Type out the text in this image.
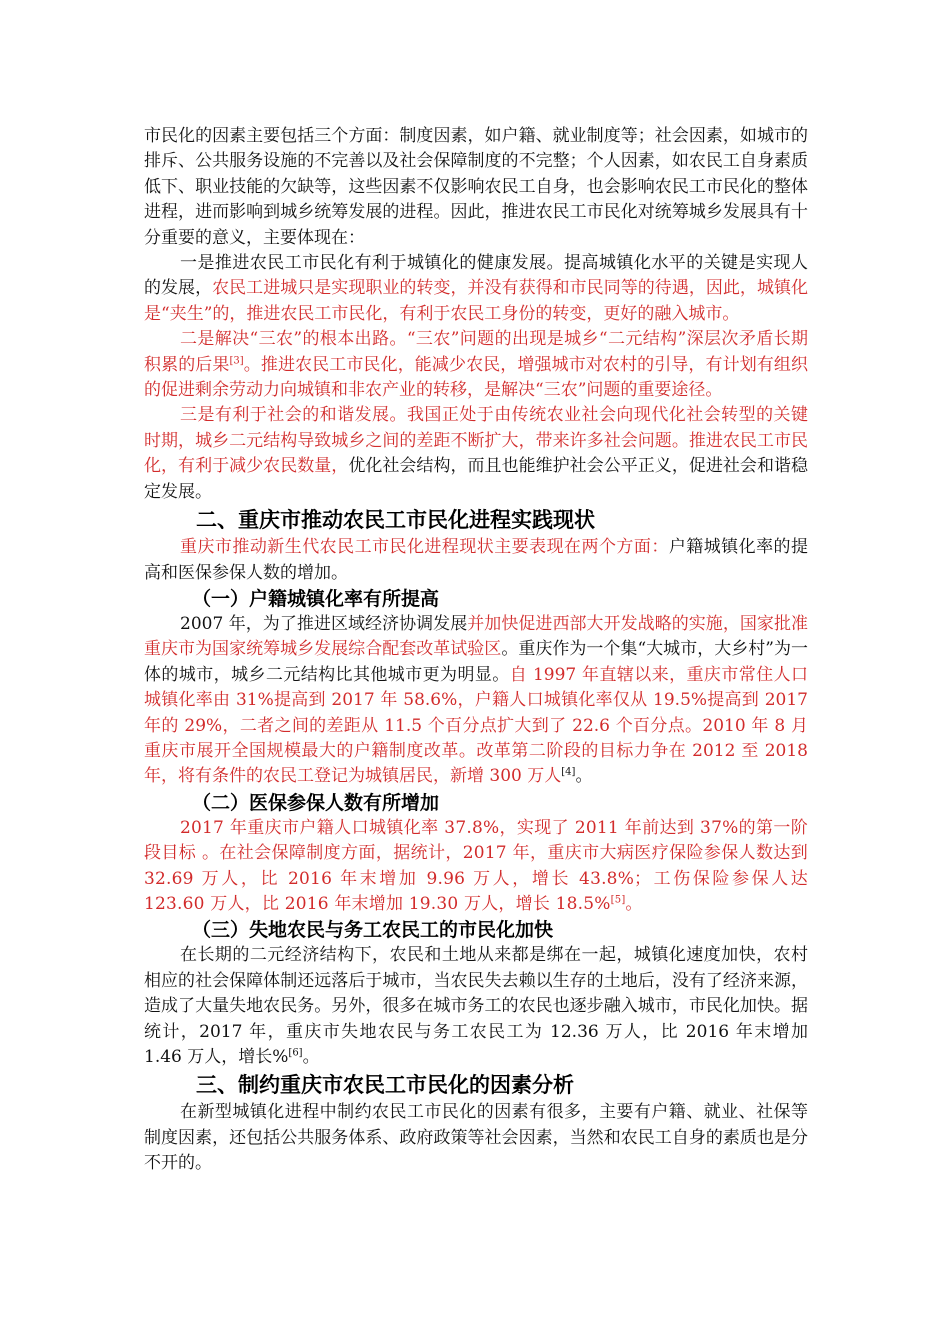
市民化的因素主要包括三个方面：制度因素，如户籍、就业制度等；社会因素，如城市的排斥、公共服务设施的不完善以及社会保障制度的不完整；个人因素，如农民工自身素质低下、职业技能的欠缺等，这些因素不仅影响农民工自身，也会影响农民工市民化的整体进程，进而影响到城乡统筹发展的进程。因此，推进农民工市民化对统筹城乡发展具有十分重要的意义，主要体现在：

一是推进农民工市民化有利于城镇化的健康发展。提高城镇化水平的关键是实现人的发展，农民工进城只是实现职业的转变，并没有获得和市民同等的待遇，因此，城镇化是“夹生”的，推进农民工市民化，有利于农民工身份的转变，更好的融入城市。

二是解决“三农”的根本出路。“三农”问题的出现是城乡“二元结构”深层次矛盾长期积累的后果[3]。推进农民工市民化，能减少农民，增强城市对农村的引导，有计划有组织的促进剩余劳动力向城镇和非农产业的转移，是解决“三农”问题的重要途径。

三是有利于社会的和谐发展。我国正处于由传统农业社会向现代化社会转型的关键时期，城乡二元结构导致城乡之间的差距不断扩大，带来许多社会问题。推进农民工市民化，有利于减少农民数量，优化社会结构，而且也能维护社会公平正义，促进社会和谐稳定发展。

二、重庆市推动农民工市民化进程实践现状

重庆市推动新生代农民工市民化进程现状主要表现在两个方面：户籍城镇化率的提高和医保参保人数的增加。

（一）户籍城镇化率有所提高

2007 年，为了推进区域经济协调发展并加快促进西部大开发战略的实施，国家批准重庆市为国家统筹城乡发展综合配套改革试验区。重庆作为一个集“大城市，大乡村”为一体的城市，城乡二元结构比其他城市更为明显。自 1997 年直辖以来，重庆市常住人口城镇化率由 31%提高到 2017 年 58.6%，户籍人口城镇化率仅从 19.5%提高到 2017 年的 29%，二者之间的差距从 11.5 个百分点扩大到了 22.6 个百分点。2010 年 8 月重庆市展开全国规模最大的户籍制度改革。改革第二阶段的目标力争在 2012 至 2018 年，将有条件的农民工登记为城镇居民，新增 300 万人[4]。

（二）医保参保人数有所增加

2017 年重庆市户籍人口城镇化率 37.8%，实现了 2011 年前达到 37%的第一阶段目标 。在社会保障制度方面，据统计，2017 年，重庆市大病医疗保险参保人数达到 32.69 万人，比 2016 年末增加 9.96 万人，增长 43.8%；工伤保险参保人达 123.60 万人，比 2016 年末增加 19.30 万人，增长 18.5%[5]。

（三）失地农民与务工农民工的市民化加快

在长期的二元经济结构下，农民和土地从来都是绑在一起，城镇化速度加快，农村相应的社会保障体制还远落后于城市，当农民失去赖以生存的土地后，没有了经济来源，造成了大量失地农民务。另外，很多在城市务工的农民也逐步融入城市，市民化加快。据统计，2017 年，重庆市失地农民与务工农民工为 12.36 万人，比 2016 年末增加 1.46 万人，增长%[6]。

三、制约重庆市农民工市民化的因素分析

在新型城镇化进程中制约农民工市民化的因素有很多，主要有户籍、就业、社保等制度因素，还包括公共服务体系、政府政策等社会因素，当然和农民工自身的素质也是分不开的。
